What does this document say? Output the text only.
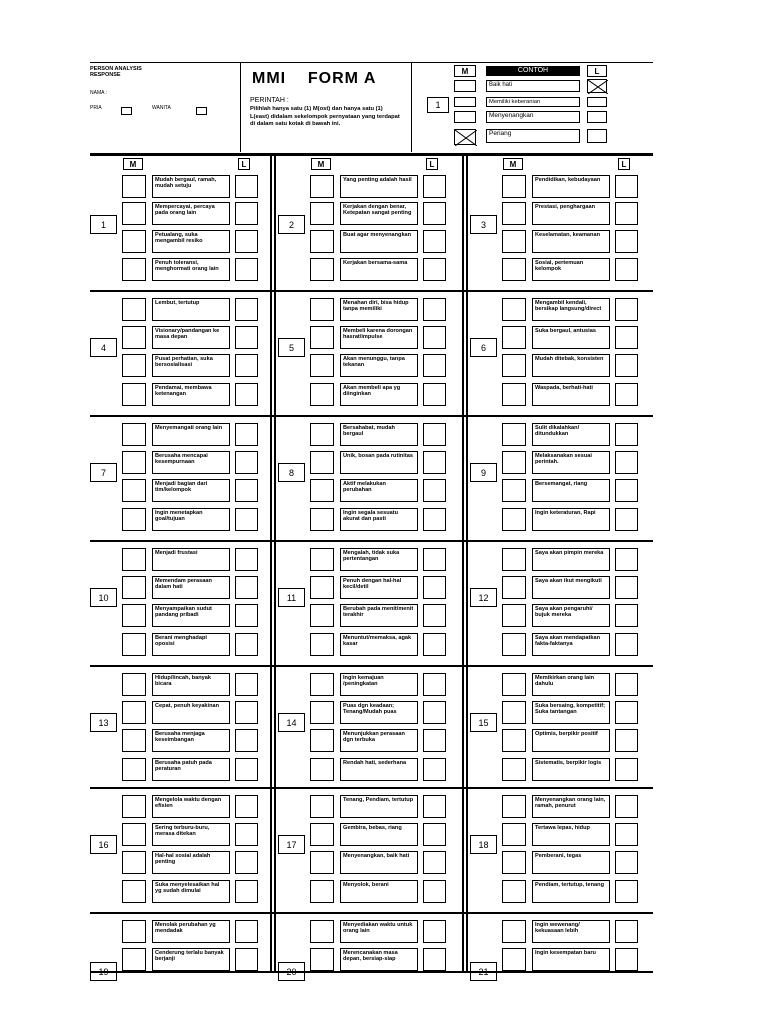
PERSON ANALYSIS
RESPONSE
NAMA :
PRIA	WANITA
MMI    FORM A
PERINTAH :
Pilihlah hanya satu (1) M(ost) dan hanya satu (1) L(east) didalam sekelompok pernyataan yang terdapat di dalam satu kotak di bawah ini.
M	CONTOH	L
1
Baik hati
Memiliki keberanian
Menyenangkan
Periang
M	L	M	L	M	L
1
Mudah bergaul, ramah, mudah setuju
Mempercayai, percaya pada orang lain
Petualang, suka mengambil resiko
Penuh toleransi, menghormati orang lain
2
Yang penting adalah hasil
Kerjakan dengan benar, Ketepatan sangat penting
Buat agar menyenangkan
Kerjakan bersama-sama
3
Pendidikan, kebudayaan
Prestasi, penghargaan
Keselamatan, keamanan
Sosial, pertemuan kelompok
4
Lembut, tertutup
Visionary/pandangan ke masa depan
Pusat perhatian, suka bersosialisasi
Pendamai, membawa ketenangan
5
Menahan diri, bisa hidup tanpa memiliki
Membeli karena dorongan hasrat/impulse
Akan menunggu, tanpa tekanan
Akan membeli apa yg diinginkan
6
Mengambil kendali, bersikap langsung/direct
Suka bergaul, antusias
Mudah ditebak, konsisten
Waspada, berhati-hati
7
Menyemangati orang lain
Berusaha mencapai kesempurnaan
Menjadi bagian dari tim/kelompok
Ingin menetapkan goal/tujuan
8
Bersahabat, mudah bergaul
Unik, bosan pada rutinitas
Aktif melakukan perubahan
Ingin segala sesuatu akurat dan pasti
9
Sulit dikalahkan/ ditundukkan
Melaksanakan sesuai perintah.
Bersemangat, riang
Ingin keteraturan, Rapi
10
Menjadi frustasi
Memendam perasaan dalam hati
Menyampaikan sudut pandang pribadi
Berani menghadapi oposisi
11
Mengalah, tidak suka pertentangan
Penuh dengan hal-hal kecil/detil
Berubah pada menit/menit terakhir
Menuntut/memaksa, agak kasar
12
Saya akan pimpin mereka
Saya akan ikut mengikuti
Saya akan pengaruhi/ bujuk mereka
Saya akan mendapatkan fakta-faktanya
13
Hidup/lincah, banyak bicara
Cepat, penuh keyakinan
Berusaha menjaga keseimbangan
Berusaha patuh pada peraturan
14
Ingin kemajuan /peningkatan
Puas dgn keadaan; Tenang/Mudah puas
Menunjukkan perasaan dgn terbuka
Rendah hati, sederhana
15
Memikirkan orang lain dahulu
Suka bersaing, kompetitif; Suka tantangan
Optimis, berpikir positif
Sistematis, berpikir logis
16
Mengelola waktu dengan efisien
Sering terburu-buru, merasa ditekan
Hal-hal sosial adalah penting
Suka menyelesaikan hal yg sudah dimulai
17
Tenang, Pendiam, tertutup
Gembira, bebas, riang
Menyenangkan, baik hati
Menyolok, berani
18
Menyenangkan orang lain, ramah, penurut
Tertawa lepas, hidup
Pemberani, tegas
Pendiam, tertutup, tenang
Menolak perubahan yg mendadak
Cenderung terlalu banyak berjanji
Menyediakan waktu untuk orang lain
Merencanakan masa depan, bersiap-siap
Ingin wewenang/ kekuasaan lebih
Ingin kesempatan baru
